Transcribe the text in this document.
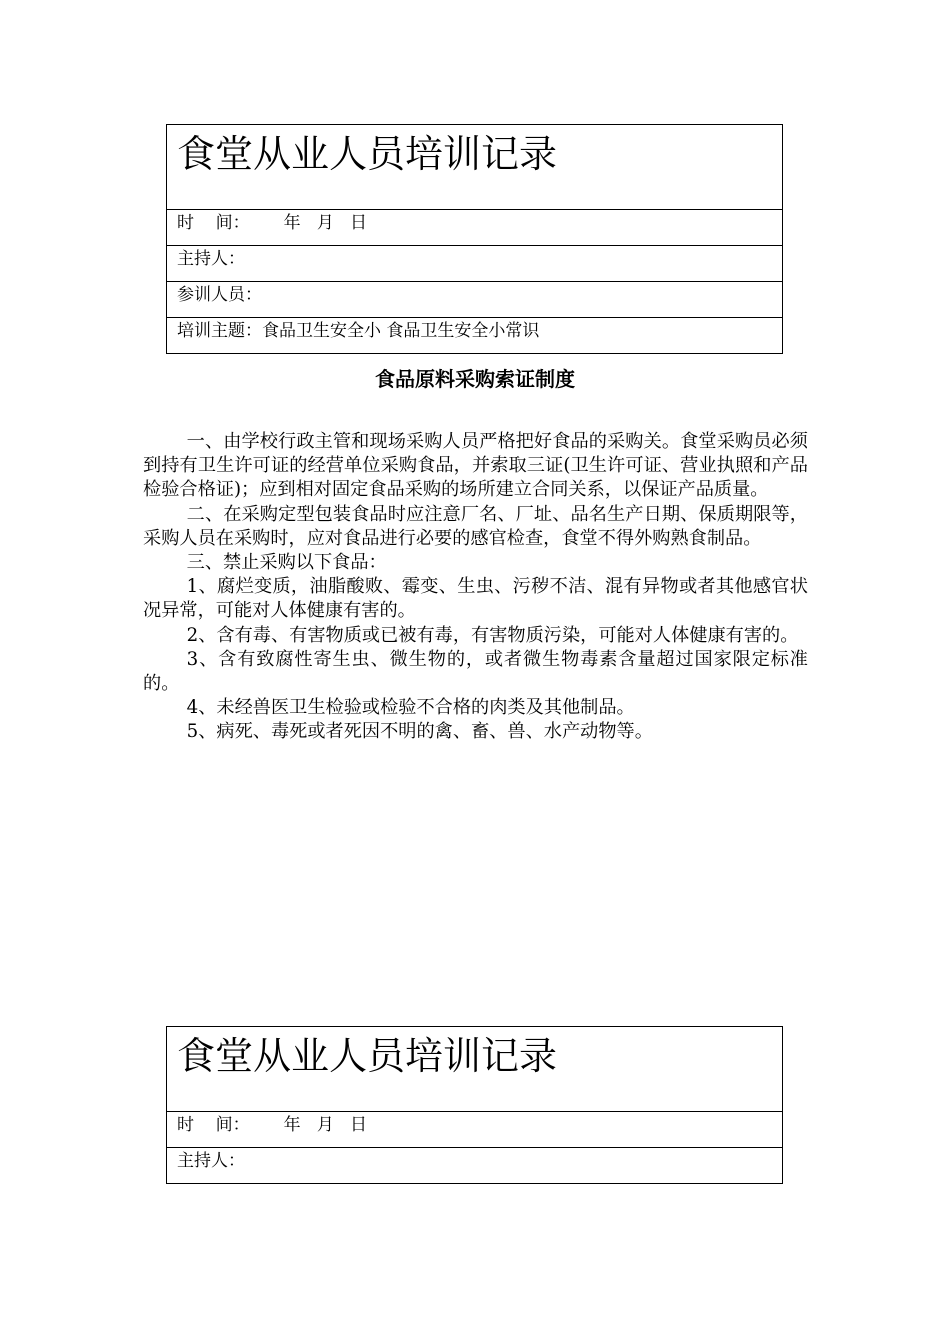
食堂从业人员培训记录
时    间： 年   月   日
主持人：
参训人员：
培训主题： 食品卫生安全小 食品卫生安全小常识
食品原料采购索证制度

一、由学校行政主管和现场采购人员严格把好食品的采购关。食堂采购员必须到持有卫生许可证的经营单位采购食品，并索取三证(卫生许可证、营业执照和产品检验合格证)；应到相对固定食品采购的场所建立合同关系，以保证产品质量。

二、在采购定型包装食品时应注意厂名、厂址、品名生产日期、保质期限等，采购人员在采购时，应对食品进行必要的感官检查，食堂不得外购熟食制品。

三、禁止采购以下食品：

1、腐烂变质，油脂酸败、霉变、生虫、污秽不洁、混有异物或者其他感官状况异常，可能对人体健康有害的。

2、含有毒、有害物质或已被有毒，有害物质污染，可能对人体健康有害的。

3、含有致腐性寄生虫、微生物的，或者微生物毒素含量超过国家限定标准的。

4、未经兽医卫生检验或检验不合格的肉类及其他制品。

5、病死、毒死或者死因不明的禽、畜、兽、水产动物等。

食堂从业人员培训记录
时    间： 年   月   日
主持人：
